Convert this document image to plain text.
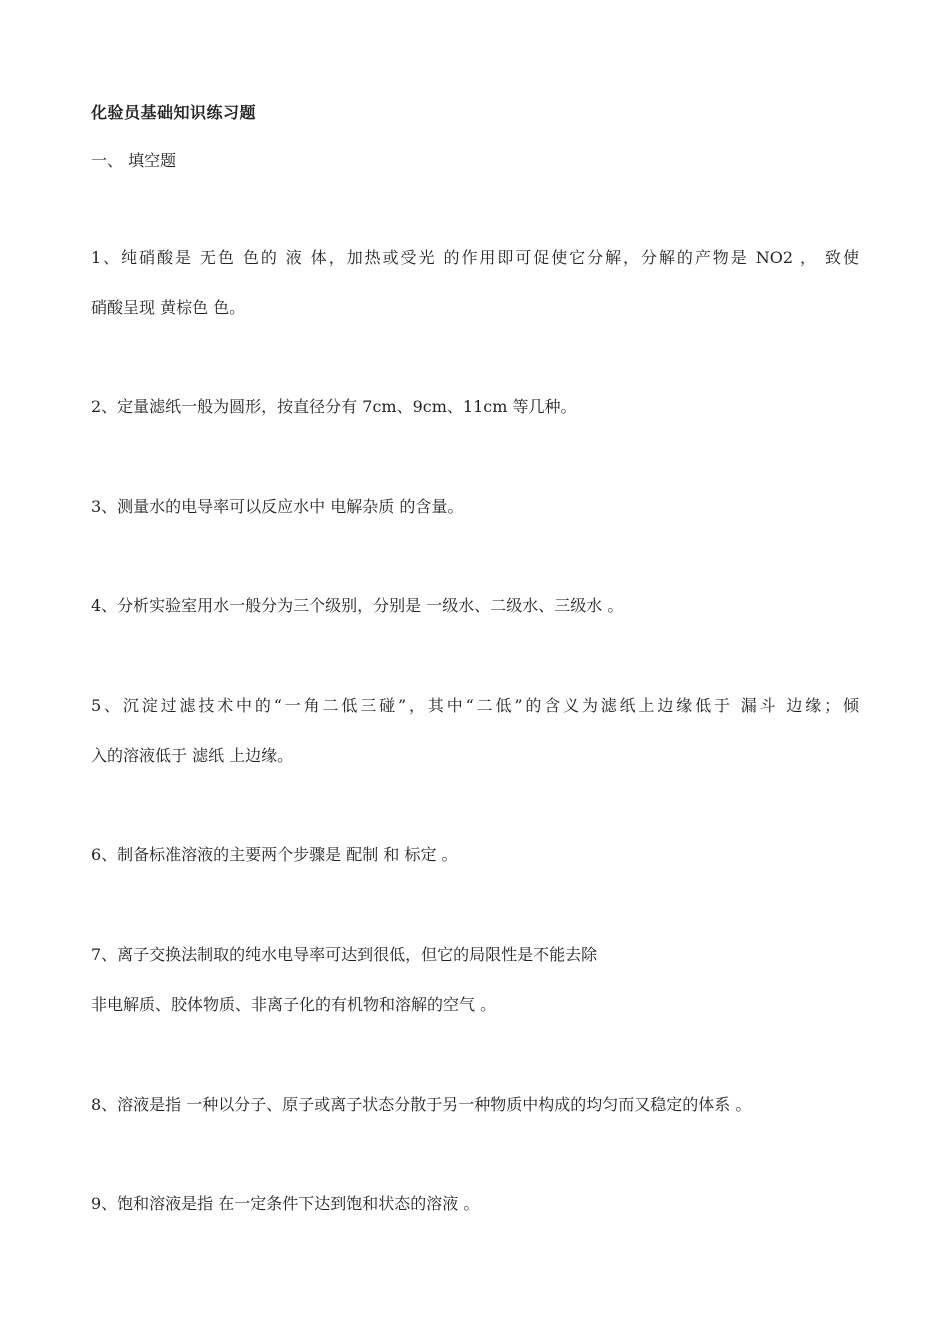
化验员基础知识练习题
一、 填空题
1、纯硝酸是 无色 色的 液 体，加热或受光 的作用即可促使它分解，分解的产物是 NO2 ， 致使
硝酸呈现 黄棕色 色。
2、定量滤纸一般为圆形，按直径分有 7cm、9cm、11cm 等几种。
3、测量水的电导率可以反应水中 电解杂质 的含量。
4、分析实验室用水一般分为三个级别，分别是 一级水、二级水、三级水 。
5、沉淀过滤技术中的“一角二低三碰”，其中“二低”的含义为滤纸上边缘低于 漏斗 边缘；倾
入的溶液低于 滤纸 上边缘。
6、制备标准溶液的主要两个步骤是 配制 和 标定 。
7、离子交换法制取的纯水电导率可达到很低，但它的局限性是不能去除
非电解质、胶体物质、非离子化的有机物和溶解的空气 。
8、溶液是指 一种以分子、原子或离子状态分散于另一种物质中构成的均匀而又稳定的体系 。
9、饱和溶液是指 在一定条件下达到饱和状态的溶液 。
